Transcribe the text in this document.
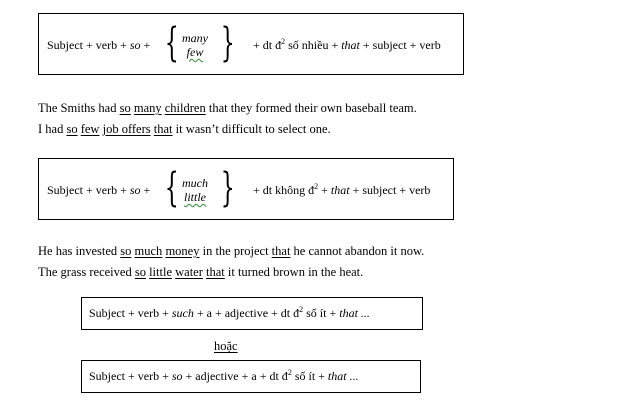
Subject + verb + so + { many
few } + dt $đ^2$ số nhiều + that + subject + verb
The Smiths had so many children that they formed their own baseball team.
I had so few job offers that it wasn’t difficult to select one.
Subject + verb + so + { much
little } + dt không $đ^2$ + that + subject + verb
He has invested so much money in the project that he cannot abandon it now.
The grass received so little water that it turned brown in the heat.
Subject + verb + such + a + adjective + dt $đ^2$ số ít + that ...
hoặc
Subject + verb + so + adjective + a + dt $đ^2$ số ít + that ...
